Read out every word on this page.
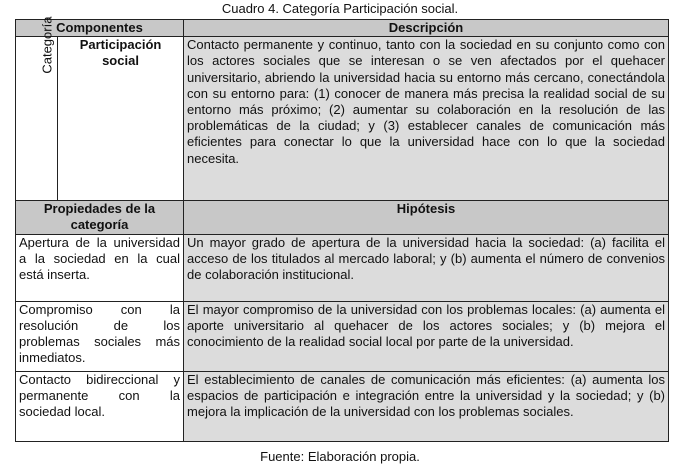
Cuadro 4. Categoría Participación social.
Componentes		Descripción
Categoría	Participación social	Contacto permanente y continuo, tanto con la sociedad en su conjunto como con los actores sociales que se interesan o se ven afectados por el quehacer universitario, abriendo la universidad hacia su entorno más cercano, conectándola con su entorno para: (1) conocer de manera más precisa la realidad social de su entorno más próximo; (2) aumentar su colaboración en la resolución de las problemáticas de la ciudad; y (3) establecer canales de comunicación más eficientes para conectar lo que la universidad hace con lo que la sociedad necesita.
Propiedades de la categoría		Hipótesis
Apertura de la universidad a la sociedad en la cual está inserta.		Un mayor grado de apertura de la universidad hacia la sociedad: (a) facilita el acceso de los titulados al mercado laboral; y (b) aumenta el número de convenios de colaboración institucional.
Compromiso con la resolución de los problemas sociales más inmediatos.		El mayor compromiso de la universidad con los problemas locales: (a) aumenta el aporte universitario al quehacer de los actores sociales; y (b) mejora el conocimiento de la realidad social local por parte de la universidad.
Contacto bidireccional y permanente con la sociedad local.		El establecimiento de canales de comunicación más eficientes: (a) aumenta los espacios de participación e integración entre la universidad y la sociedad; y (b) mejora la implicación de la universidad con los problemas sociales.
Fuente: Elaboración propia.
